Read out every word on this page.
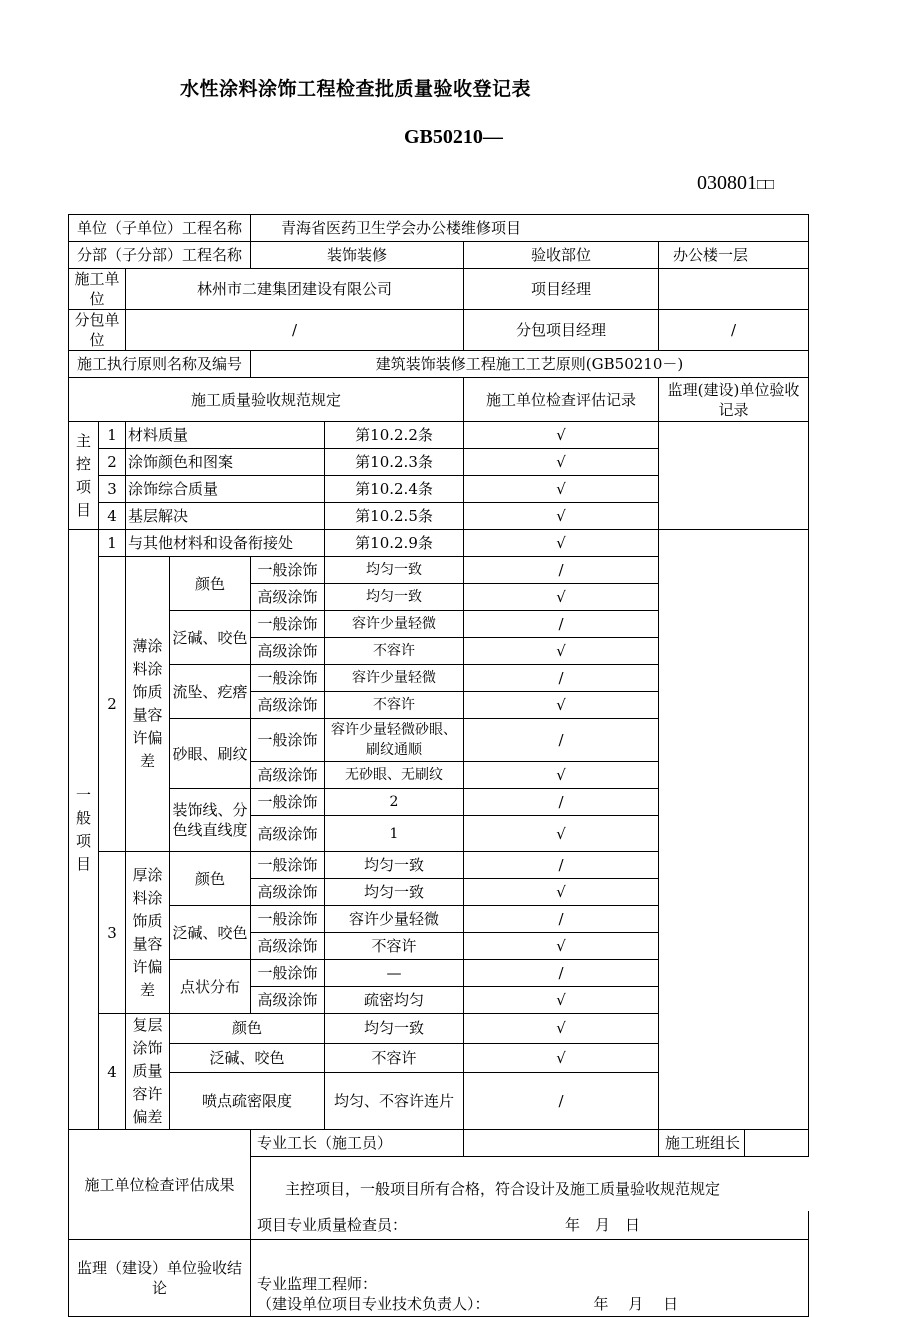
水性涂料涂饰工程检查批质量验收登记表
GB50210—
030801□□
单位（子单位）工程名称				青海省医药卫生学会办公楼维修项目			
分部（子分部）工程名称				装饰装修		验收部位	办公楼一层
施工单位		林州市二建集团建设有限公司				项目经理	
分包单位		/				分包项目经理	/
施工执行原则名称及编号				建筑装饰装修工程施工工艺原则(GB50210－)			
施工质量验收规范规定						施工单位检查评估记录	监理(建设)单位验收记录
主控项目	1	材料质量			第10.2.2条	√	
	2	涂饰颜色和图案			第10.2.3条	√	
	3	涂饰综合质量			第10.2.4条	√	
	4	基层解决			第10.2.5条	√	
一般项目	1	与其他材料和设备衔接处			第10.2.9条	√	
	2	薄涂料涂饰质量容许偏差	颜色	一般涂饰	均匀一致	/	
				高级涂饰	均匀一致	√	
			泛碱、咬色	一般涂饰	容许少量轻微	/	
				高级涂饰	不容许	√	
			流坠、疙瘩	一般涂饰	容许少量轻微	/	
				高级涂饰	不容许	√	
			砂眼、刷纹	一般涂饰	容许少量轻微砂眼、刷纹通顺	/	
				高级涂饰	无砂眼、无刷纹	√	
			装饰线、分色线直线度	一般涂饰	2	/	
				高级涂饰	1	√	
	3	厚涂料涂饰质量容许偏差	颜色	一般涂饰	均匀一致	/	
				高级涂饰	均匀一致	√	
			泛碱、咬色	一般涂饰	容许少量轻微	/	
				高级涂饰	不容许	√	
			点状分布	一般涂饰	—	/	
				高级涂饰	疏密均匀	√	
	4	复层涂饰质量容许偏差	颜色		均匀一致	√	
			泛碱、咬色		不容许	√	
			喷点疏密限度		均匀、不容许连片	/	
施工单位检查评估成果				专业工长（施工员）			施工班组长
				主控项目，一般项目所有合格，符合设计及施工质量验收规范规定			
				项目专业质量检查员： 年　月　日			
监理（建设）单位验收结论				专业监理工程师：
（建设单位项目专业技术负责人）： 年　 月　 日			
